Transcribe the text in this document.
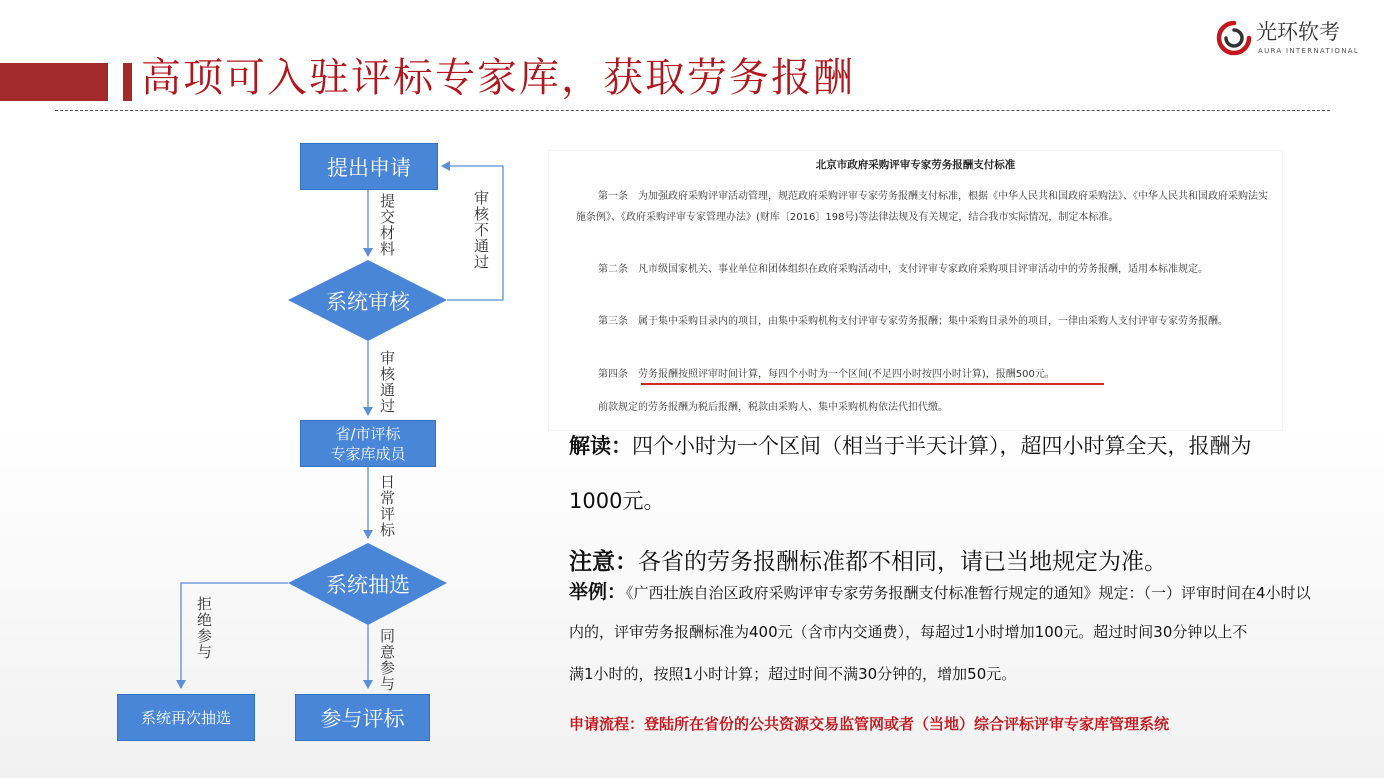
高项可入驻评标专家库，获取劳务报酬
光环软考
AURA INTERNATIONAL
提出申请
提交材料	审核不通过
系统审核
审核通过
省/市评标
专家库成员
日常评标
系统抽选
拒绝参与	同意参与
系统再次抽选	参与评标
北京市政府采购评审专家劳务报酬支付标准
第一条　为加强政府采购评审活动管理，规范政府采购评审专家劳务报酬支付标准，根据《中华人民共和国政府采购法》、《中华人民共和国政府采购法实施条例》、《政府采购评审专家管理办法》(财库〔2016〕198号)等法律法规及有关规定，结合我市实际情况，制定本标准。
第二条　凡市级国家机关、事业单位和团体组织在政府采购活动中，支付评审专家政府采购项目评审活动中的劳务报酬，适用本标准规定。
第三条　属于集中采购目录内的项目，由集中采购机构支付评审专家劳务报酬；集中采购目录外的项目，一律由采购人支付评审专家劳务报酬。
第四条　劳务报酬按照评审时间计算，每四个小时为一个区间(不足四小时按四小时计算)，报酬500元。
前款规定的劳务报酬为税后报酬，税款由采购人、集中采购机构依法代扣代缴。
解读：四个小时为一个区间（相当于半天计算），超四小时算全天，报酬为
1000元。
注意：各省的劳务报酬标准都不相同，请已当地规定为准。
举例：《广西壮族自治区政府采购评审专家劳务报酬支付标准暂行规定的通知》规定：（一）评审时间在4小时以
内的，评审劳务报酬标准为400元（含市内交通费），每超过1小时增加100元。超过时间30分钟以上不
满1小时的，按照1小时计算；超过时间不满30分钟的，增加50元。
申请流程：登陆所在省份的公共资源交易监管网或者（当地）综合评标评审专家库管理系统
